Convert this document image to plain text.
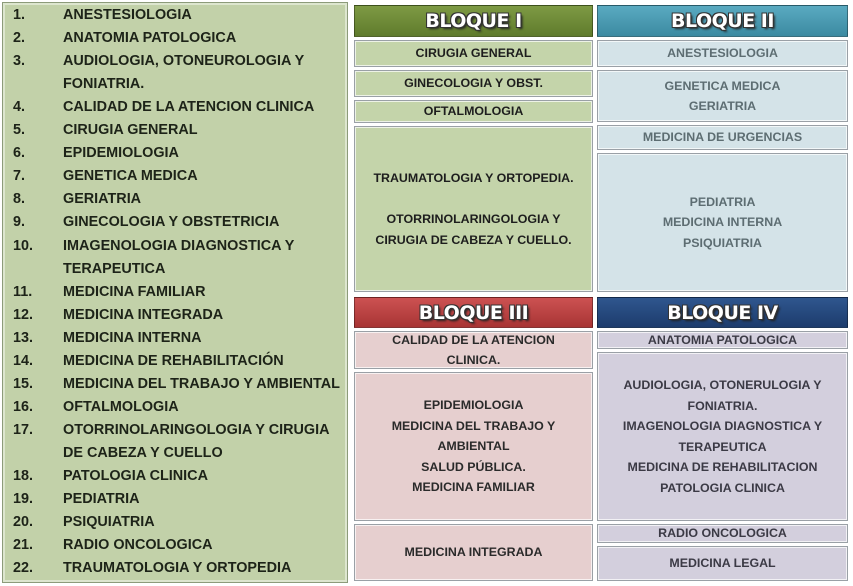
1.	ANESTESIOLOGIA
2.	ANATOMIA PATOLOGICA
3.	AUDIOLOGIA, OTONEUROLOGIA Y
FONIATRIA.
4.	CALIDAD DE LA ATENCION CLINICA
5.	CIRUGIA GENERAL
6.	EPIDEMIOLOGIA
7.	GENETICA MEDICA
8.	GERIATRIA
9.	GINECOLOGIA Y OBSTETRICIA
10.	IMAGENOLOGIA DIAGNOSTICA Y
TERAPEUTICA
11.	MEDICINA FAMILIAR
12.	MEDICINA INTEGRADA
13.	MEDICINA INTERNA
14.	MEDICINA DE REHABILITACIÓN
15.	MEDICINA DEL TRABAJO Y AMBIENTAL
16.	OFTALMOLOGIA
17.	OTORRINOLARINGOLOGIA Y CIRUGIA
DE CABEZA Y CUELLO
18.	PATOLOGIA CLINICA
19.	PEDIATRIA
20.	PSIQUIATRIA
21.	RADIO ONCOLOGICA
22.	TRAUMATOLOGIA Y ORTOPEDIA
BLOQUE I
CIRUGIA GENERAL
GINECOLOGIA Y OBST.
OFTALMOLOGIA
TRAUMATOLOGIA Y ORTOPEDIA.

OTORRINOLARINGOLOGIA Y
CIRUGIA DE CABEZA Y CUELLO.
BLOQUE II
ANESTESIOLOGIA
GENETICA MEDICA
GERIATRIA
MEDICINA DE URGENCIAS
PEDIATRIA
MEDICINA INTERNA
PSIQUIATRIA
BLOQUE III
CALIDAD DE LA ATENCION
CLINICA.
EPIDEMIOLOGIA
MEDICINA DEL TRABAJO Y
AMBIENTAL
SALUD PÚBLICA.
MEDICINA FAMILIAR
MEDICINA INTEGRADA
BLOQUE IV
ANATOMIA PATOLOGICA
AUDIOLOGIA, OTONERULOGIA Y
FONIATRIA.
IMAGENOLOGIA DIAGNOSTICA Y
TERAPEUTICA
MEDICINA DE REHABILITACION
PATOLOGIA CLINICA
RADIO ONCOLOGICA
MEDICINA LEGAL
